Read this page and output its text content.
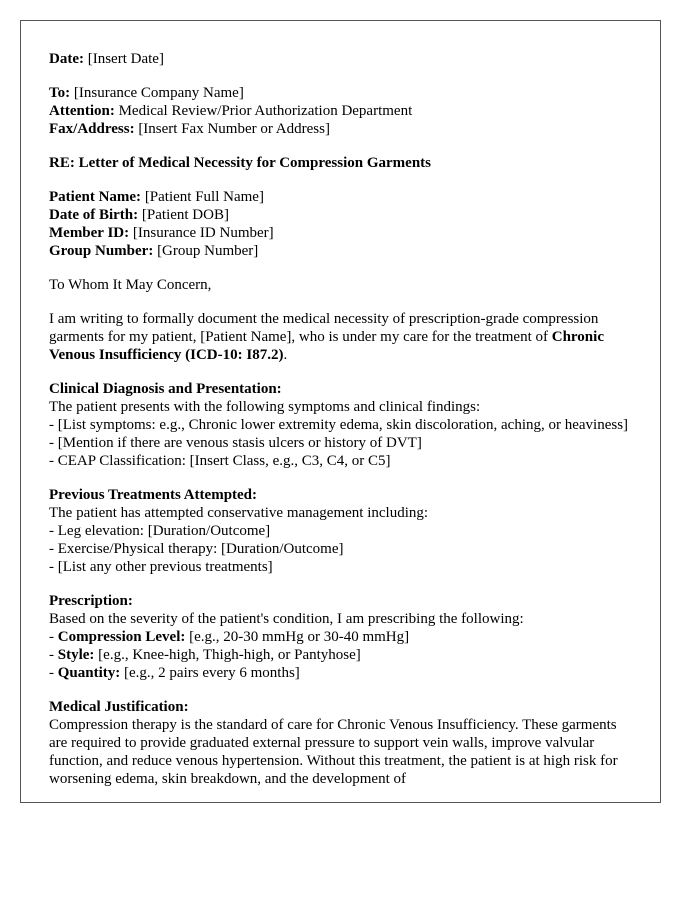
Date: [Insert Date]

To: [Insurance Company Name]
Attention: Medical Review/Prior Authorization Department
Fax/Address: [Insert Fax Number or Address]

RE: Letter of Medical Necessity for Compression Garments

Patient Name: [Patient Full Name]
Date of Birth: [Patient DOB]
Member ID: [Insurance ID Number]
Group Number: [Group Number]

To Whom It May Concern,

I am writing to formally document the medical necessity of prescription-grade compression garments for my patient, [Patient Name], who is under my care for the treatment of Chronic Venous Insufficiency (ICD-10: I87.2).

Clinical Diagnosis and Presentation:
The patient presents with the following symptoms and clinical findings:
- [List symptoms: e.g., Chronic lower extremity edema, skin discoloration, aching, or heaviness]
- [Mention if there are venous stasis ulcers or history of DVT]
- CEAP Classification: [Insert Class, e.g., C3, C4, or C5]

Previous Treatments Attempted:
The patient has attempted conservative management including:
- Leg elevation: [Duration/Outcome]
- Exercise/Physical therapy: [Duration/Outcome]
- [List any other previous treatments]

Prescription:
Based on the severity of the patient's condition, I am prescribing the following:
- Compression Level: [e.g., 20-30 mmHg or 30-40 mmHg]
- Style: [e.g., Knee-high, Thigh-high, or Pantyhose]
- Quantity: [e.g., 2 pairs every 6 months]

Medical Justification:
Compression therapy is the standard of care for Chronic Venous Insufficiency. These garments are required to provide graduated external pressure to support vein walls, improve valvular function, and reduce venous hypertension. Without this treatment, the patient is at high risk for worsening edema, skin breakdown, and the development of
